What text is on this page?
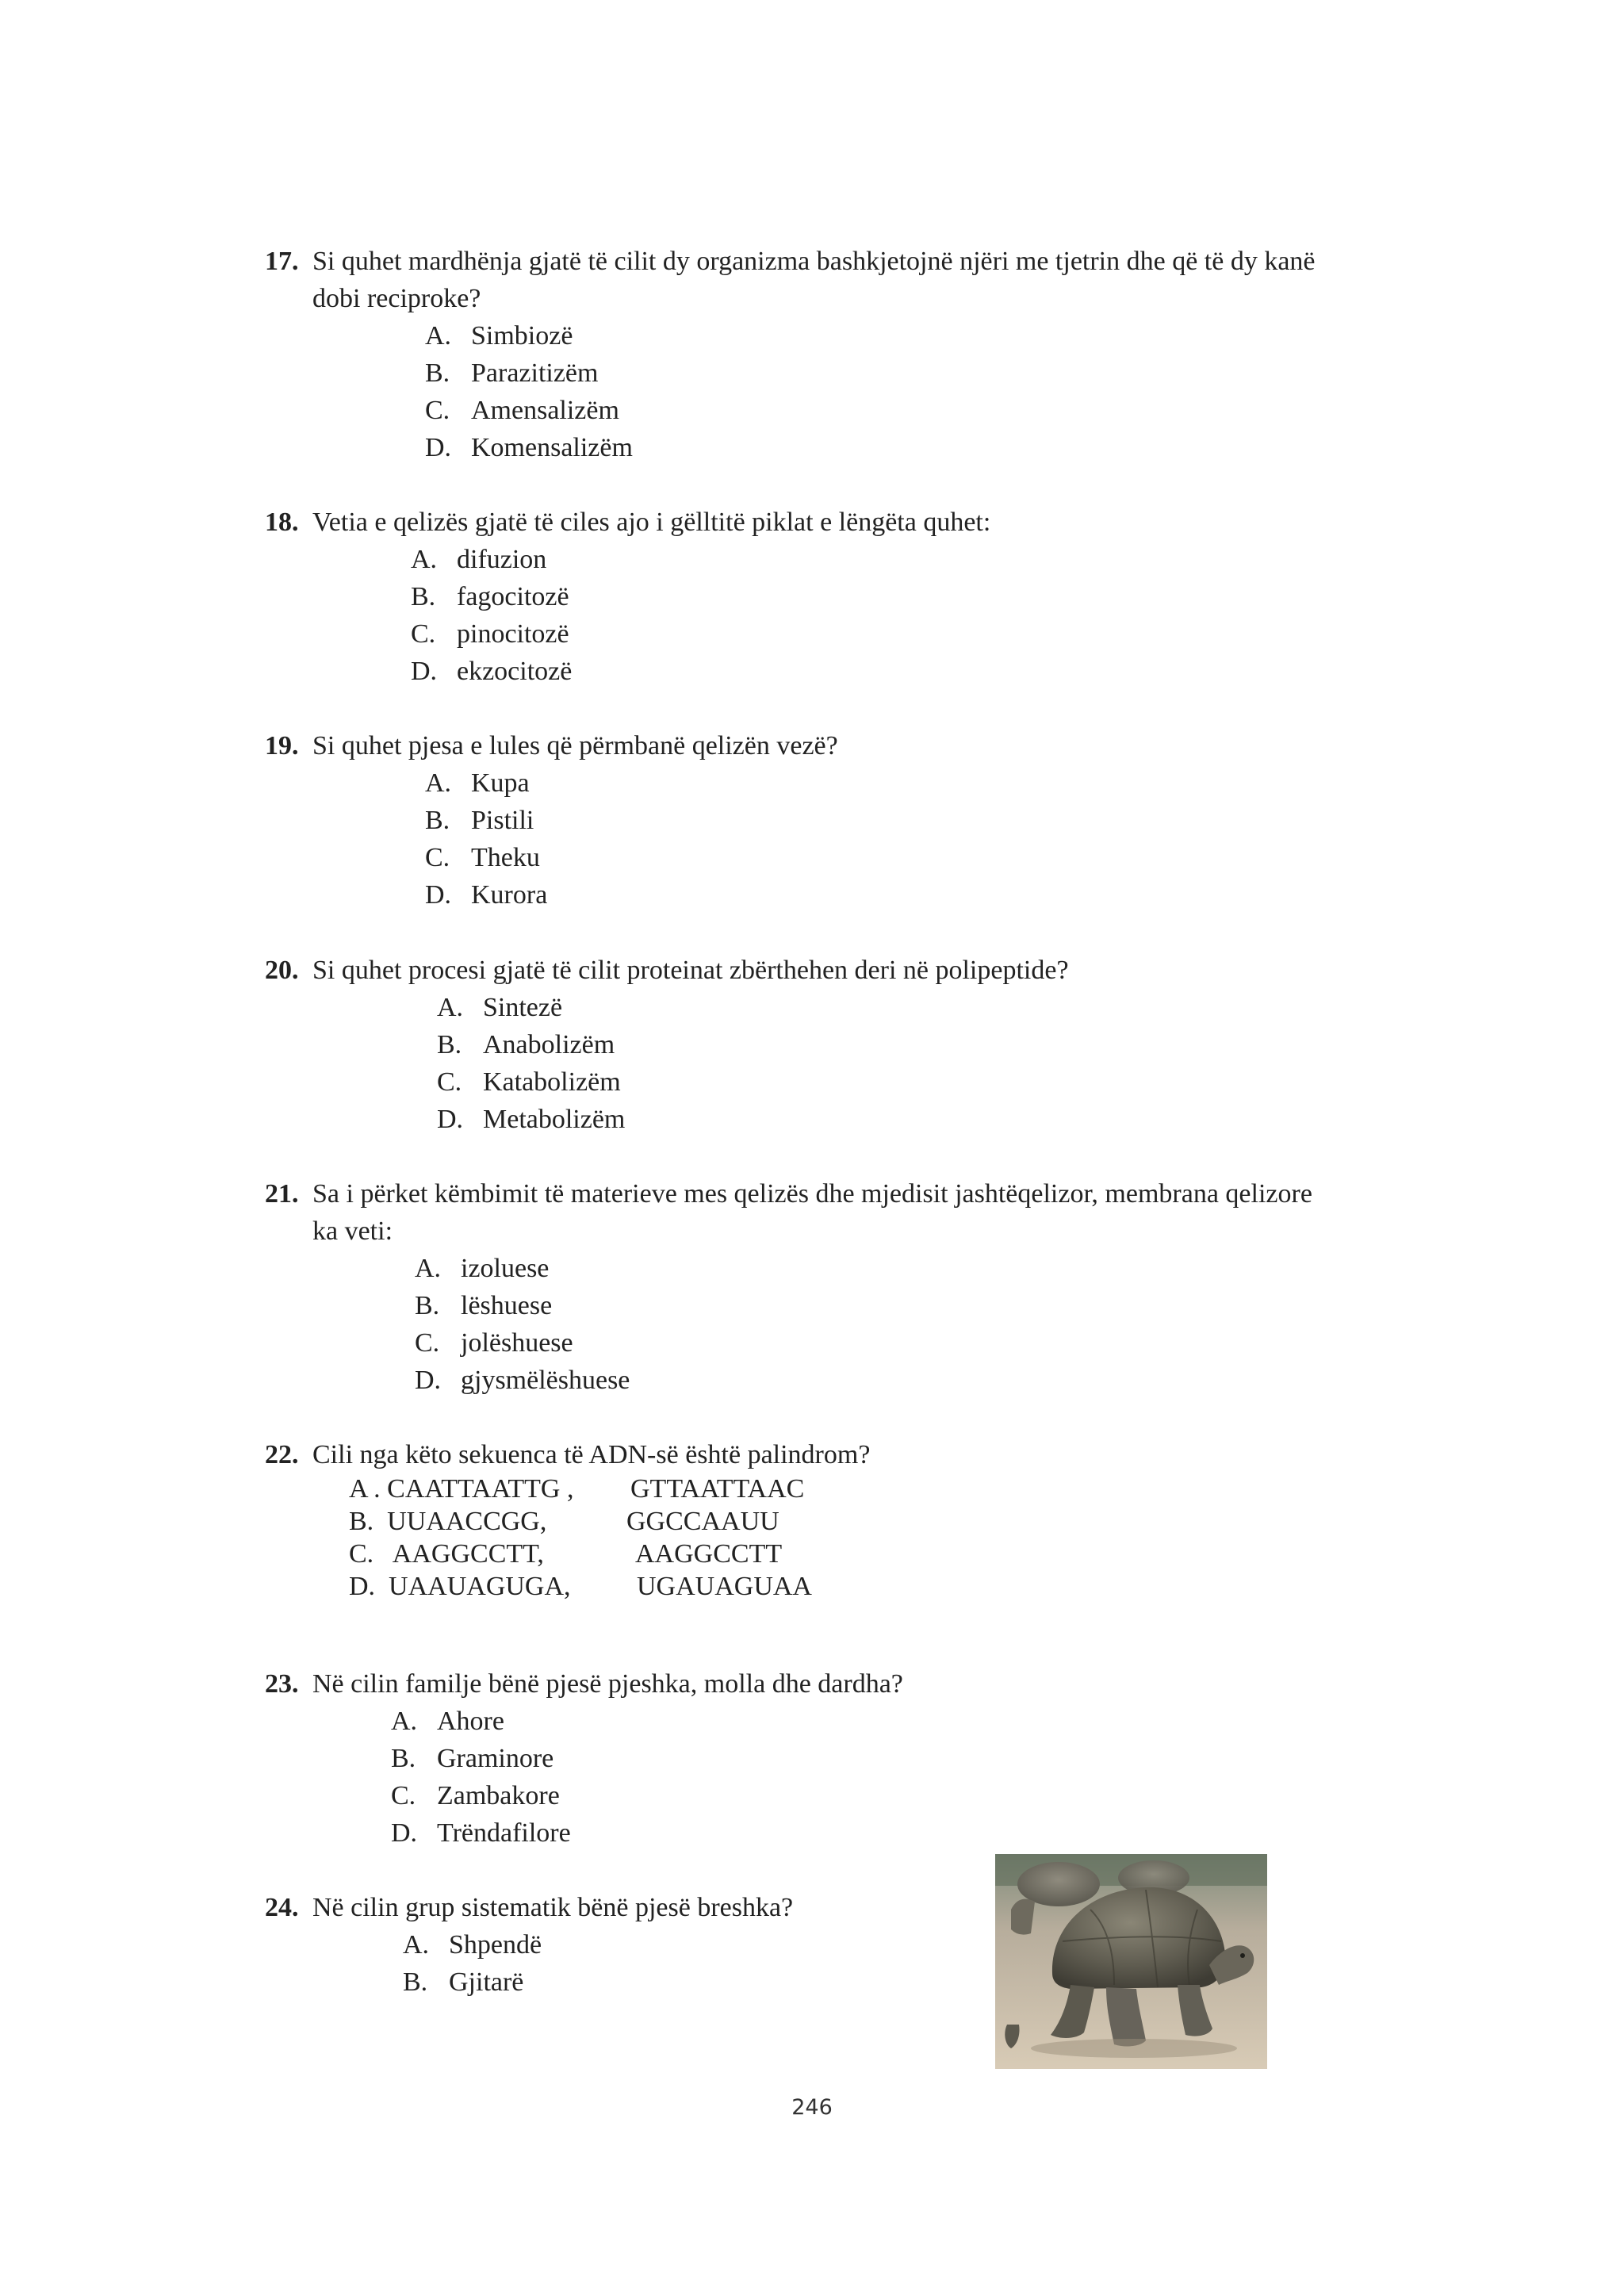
17. Si quhet mardhënja gjatë të cilit dy organizma bashkjetojnë njëri me tjetrin dhe që të dy kanë
dobi reciproke?
A. Simbiozë
B. Parazitizëm
C. Amensalizëm
D. Komensalizëm
18. Vetia e qelizës gjatë të ciles ajo i gëlltitë piklat e lëngëta quhet:
A. difuzion
B. fagocitozë
C. pinocitozë
D. ekzocitozë
19. Si quhet pjesa e lules që përmbanë qelizën vezë?
A. Kupa
B. Pistili
C. Theku
D. Kurora
20. Si quhet procesi gjatë të cilit proteinat zbërthehen deri në polipeptide?
A. Sintezë
B. Anabolizëm
C. Katabolizëm
D. Metabolizëm
21. Sa i përket këmbimit të materieve mes qelizës dhe mjedisit jashtëqelizor, membrana qelizore
ka veti:
A. izoluese
B. lëshuese
C. jolëshuese
D. gjysmëlëshuese
22. Cili nga këto sekuenca të ADN-së është palindrom?
A . CAATTAATTG , GTTAATTAAC
B.  UUAACCGG,	GGCCAAUU
C.   AAGGCCTT,	AAGGCCTT
D.  UAAUAGUGA, UGAUAGUAA
23. Në cilin familje bënë pjesë pjeshka, molla dhe dardha?
A. Ahore
B. Graminore
C. Zambakore
D. Trëndafilore
24. Në cilin grup sistematik bënë pjesë breshka?
A. Shpendë
B. Gjitarë
246
